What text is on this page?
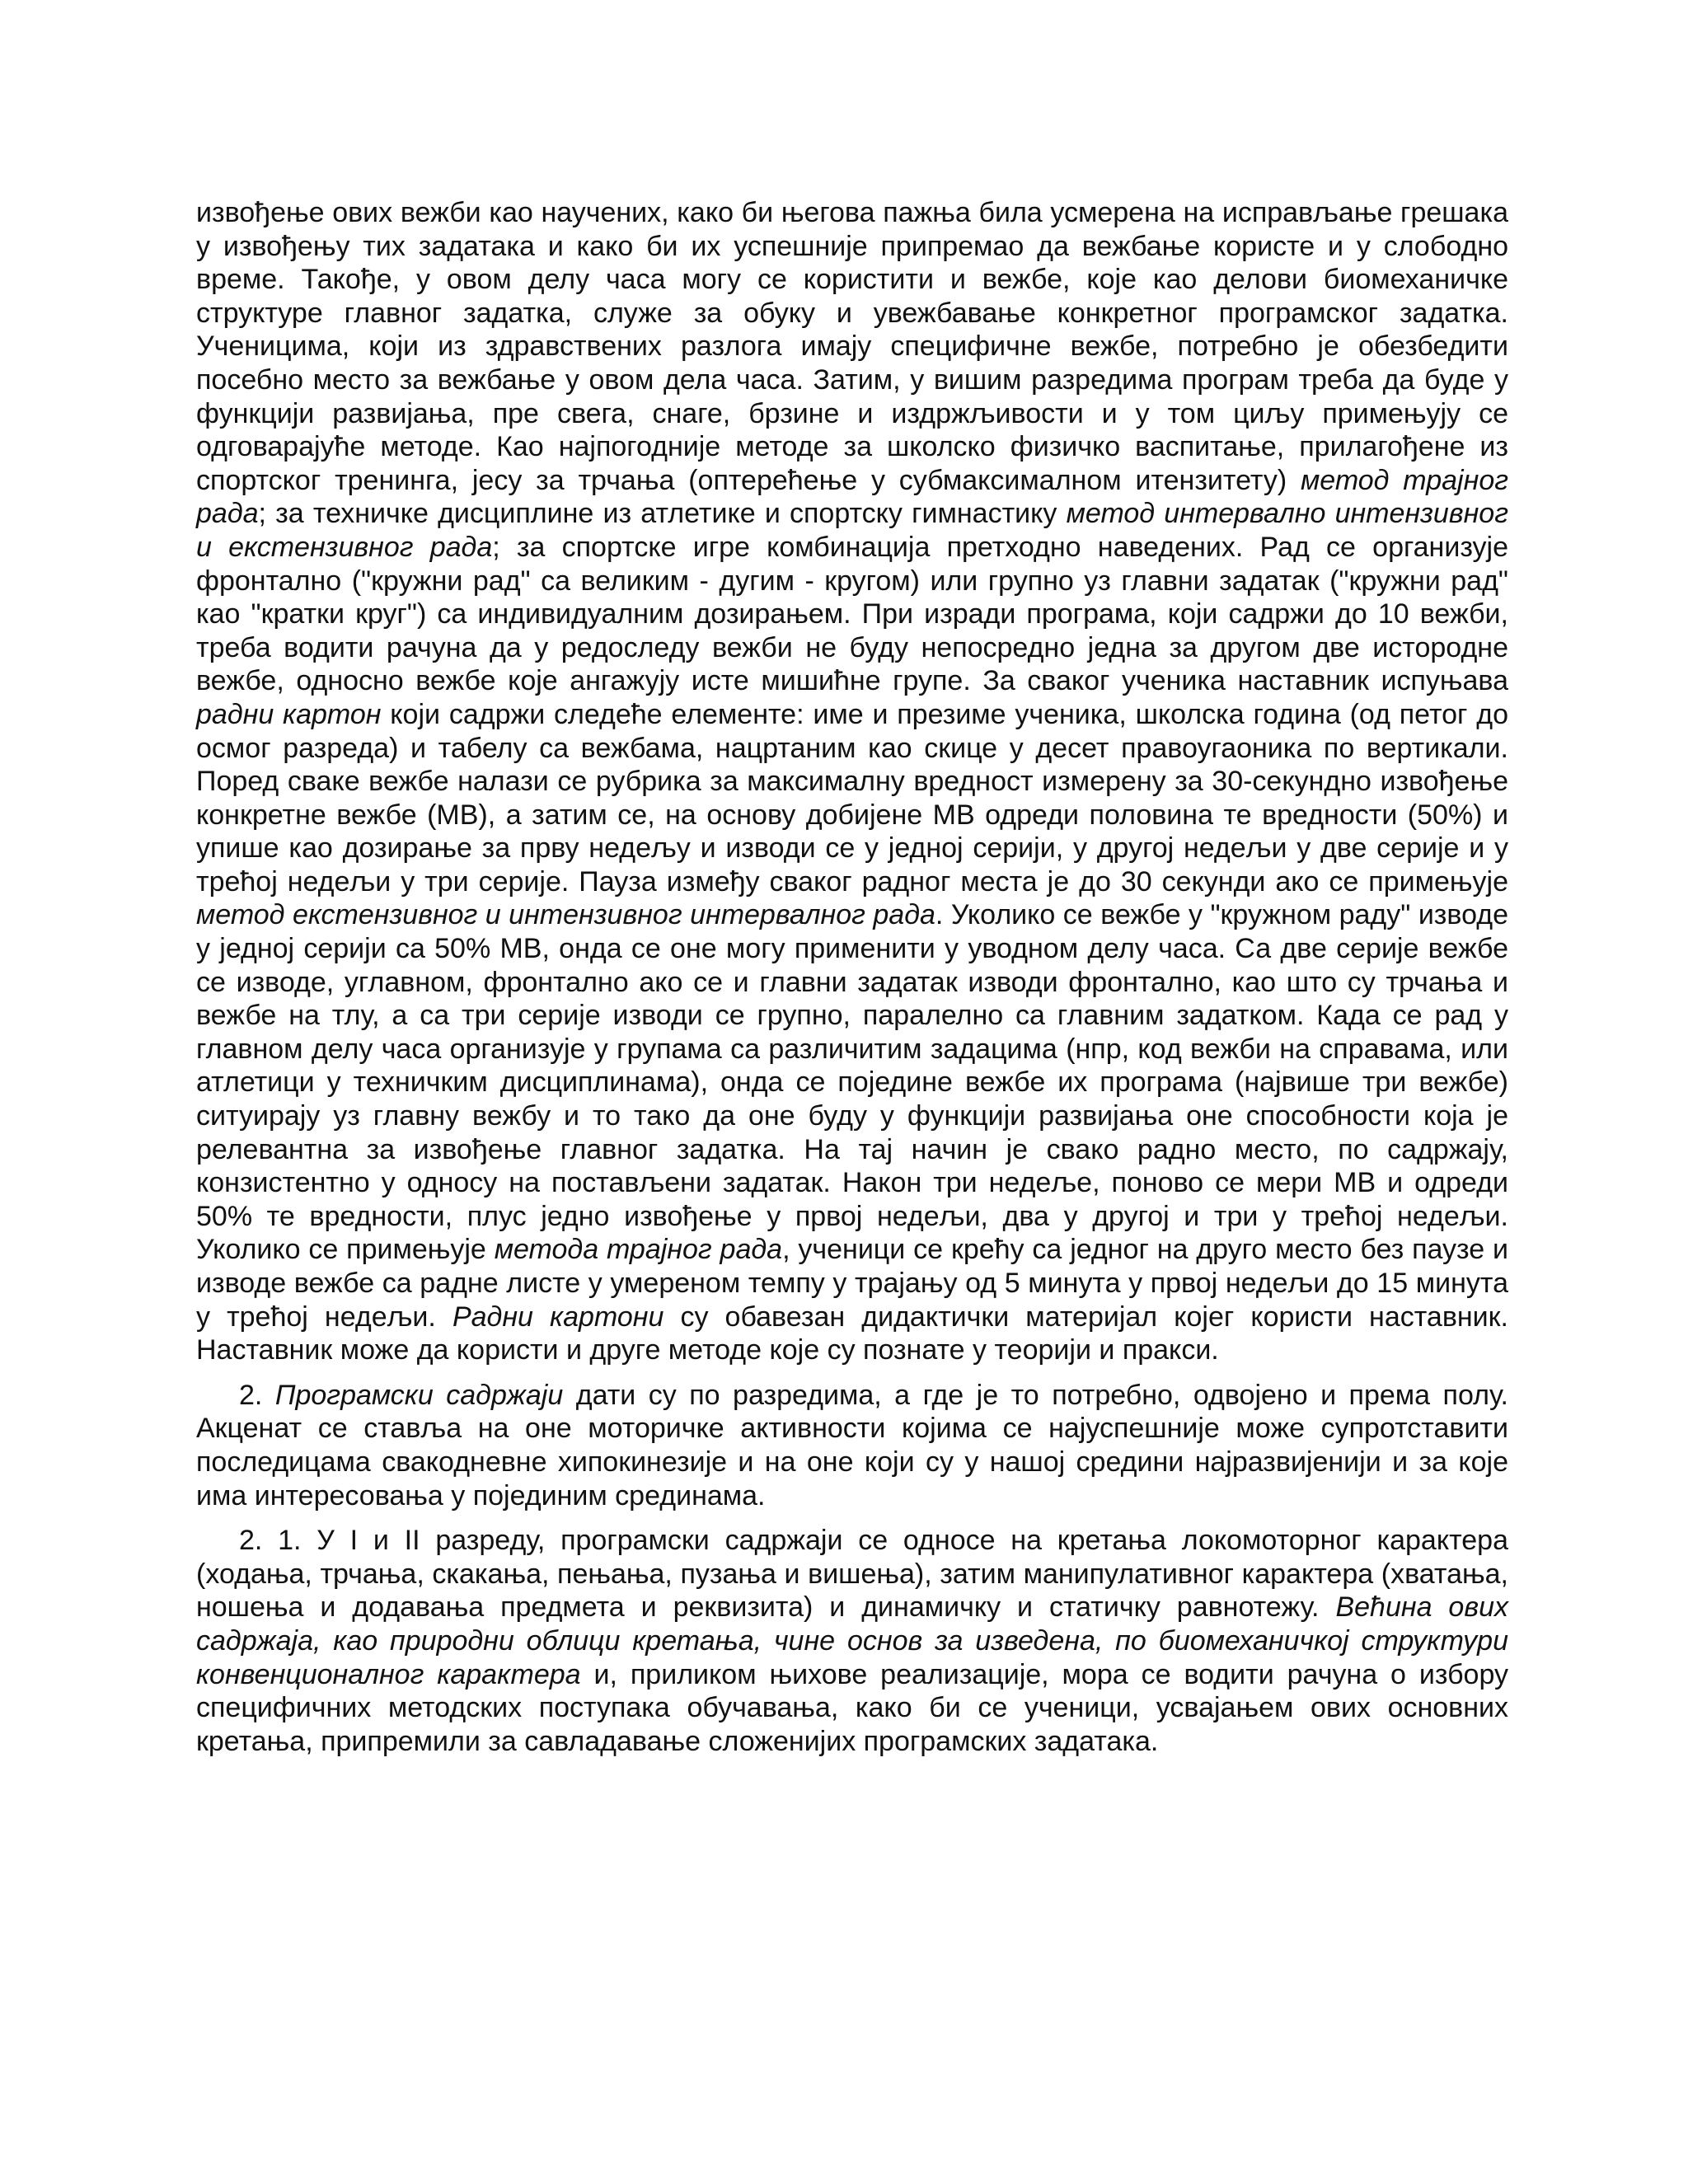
извођење ових вежби као научених, како би његова пажња била усмерена на исправљање грешака у извођењу тих задатака и како би их успешније припремао да вежбање користе и у слободно време. Такође, у овом делу часа могу се користити и вежбе, које као делови биомеханичке структуре главног задатка, служе за обуку и увежбавање конкретног програмског задатка. Ученицима, који из здравствених разлога имају специфичне вежбе, потребно је обезбедити посебно место за вежбање у овом дела часа. Затим, у вишим разредима програм треба да буде у функцији развијања, пре свега, снаге, брзине и издржљивости и у том циљу примењују се одговарајуће методе. Као најпогодније методе за школско физичко васпитање, прилагођене из спортског тренинга, јесу за трчања (оптерећење у субмаксималном итензитету) метод трајног рада; за техничке дисциплине из атлетике и спортску гимнастику метод интервално интензивног и екстензивног рада; за спортске игре комбинација претходно наведених. Рад се организује фронтално ("кружни рад" са великим - дугим - кругом) или групно уз главни задатак ("кружни рад" као "кратки круг") са индивидуалним дозирањем. При изради програма, који садржи до 10 вежби, треба водити рачуна да у редоследу вежби не буду непосредно једна за другом две истородне вежбе, односно вежбе које ангажују исте мишићне групе. За сваког ученика наставник испуњава радни картон који садржи следеће елементе: име и презиме ученика, школска година (од петог до осмог разреда) и табелу са вежбама, нацртаним као скице у десет правоугаоника по вертикали. Поред сваке вежбе налази се рубрика за максималну вредност измерену за 30-секундно извођење конкретне вежбе (МВ), а затим се, на основу добијене МВ одреди половина те вредности (50%) и упише као дозирање за прву недељу и изводи се у једној серији, у другој недељи у две серије и у трећој недељи у три серије. Пауза између сваког радног места је до 30 секунди ако се примењује метод екстензивног и интензивног интервалног рада. Уколико се вежбе у "кружном раду" изводе у једној серији са 50% МВ, онда се оне могу применити у уводном делу часа. Са две серије вежбе се изводе, углавном, фронтално ако се и главни задатак изводи фронтално, као што су трчања и вежбе на тлу, а са три серије изводи се групно, паралелно са главним задатком. Када се рад у главном делу часа организује у групама са различитим задацима (нпр, код вежби на справама, или атлетици у техничким дисциплинама), онда се поједине вежбе их програма (највише три вежбе) ситуирају уз главну вежбу и то тако да оне буду у функцији развијања оне способности која је релевантна за извођење главног задатка. На тај начин је свако радно место, по садржају, конзистентно у односу на постављени задатак. Након три недеље, поново се мери МВ и одреди 50% те вредности, плус једно извођење у првој недељи, два у другој и три у трећој недељи. Уколико се примењује метода трајног рада, ученици се крећу са једног на друго место без паузе и изводе вежбе са радне листе у умереном темпу у трајању од 5 минута у првој недељи до 15 минута у трећој недељи. Радни картони су обавезан дидактички материјал којег користи наставник. Наставник може да користи и друге методе које су познате у теорији и пракси.

2. Програмски садржаји дати су по разредима, а где је то потребно, одвојено и према полу. Акценат се ставља на оне моторичке активности којима се најуспешније може супротставити последицама свакодневне хипокинезије и на оне који су у нашој средини најразвијенији и за које има интересовања у појединим срединама.

2. 1. У I и II разреду, програмски садржаји се односе на кретања локомоторног карактера (ходања, трчања, скакања, пењања, пузања и вишења), затим манипулативног карактера (хватања, ношења и додавања предмета и реквизита) и динамичку и статичку равнотежу. Већина ових садржаја, као природни облици кретања, чине основ за изведена, по биомеханичкој структури конвенционалног карактера и, приликом њихове реализације, мора се водити рачуна о избору специфичних методских поступака обучавања, како би се ученици, усвајањем ових основних кретања, припремили за савладавање сложенијих програмских задатака.
